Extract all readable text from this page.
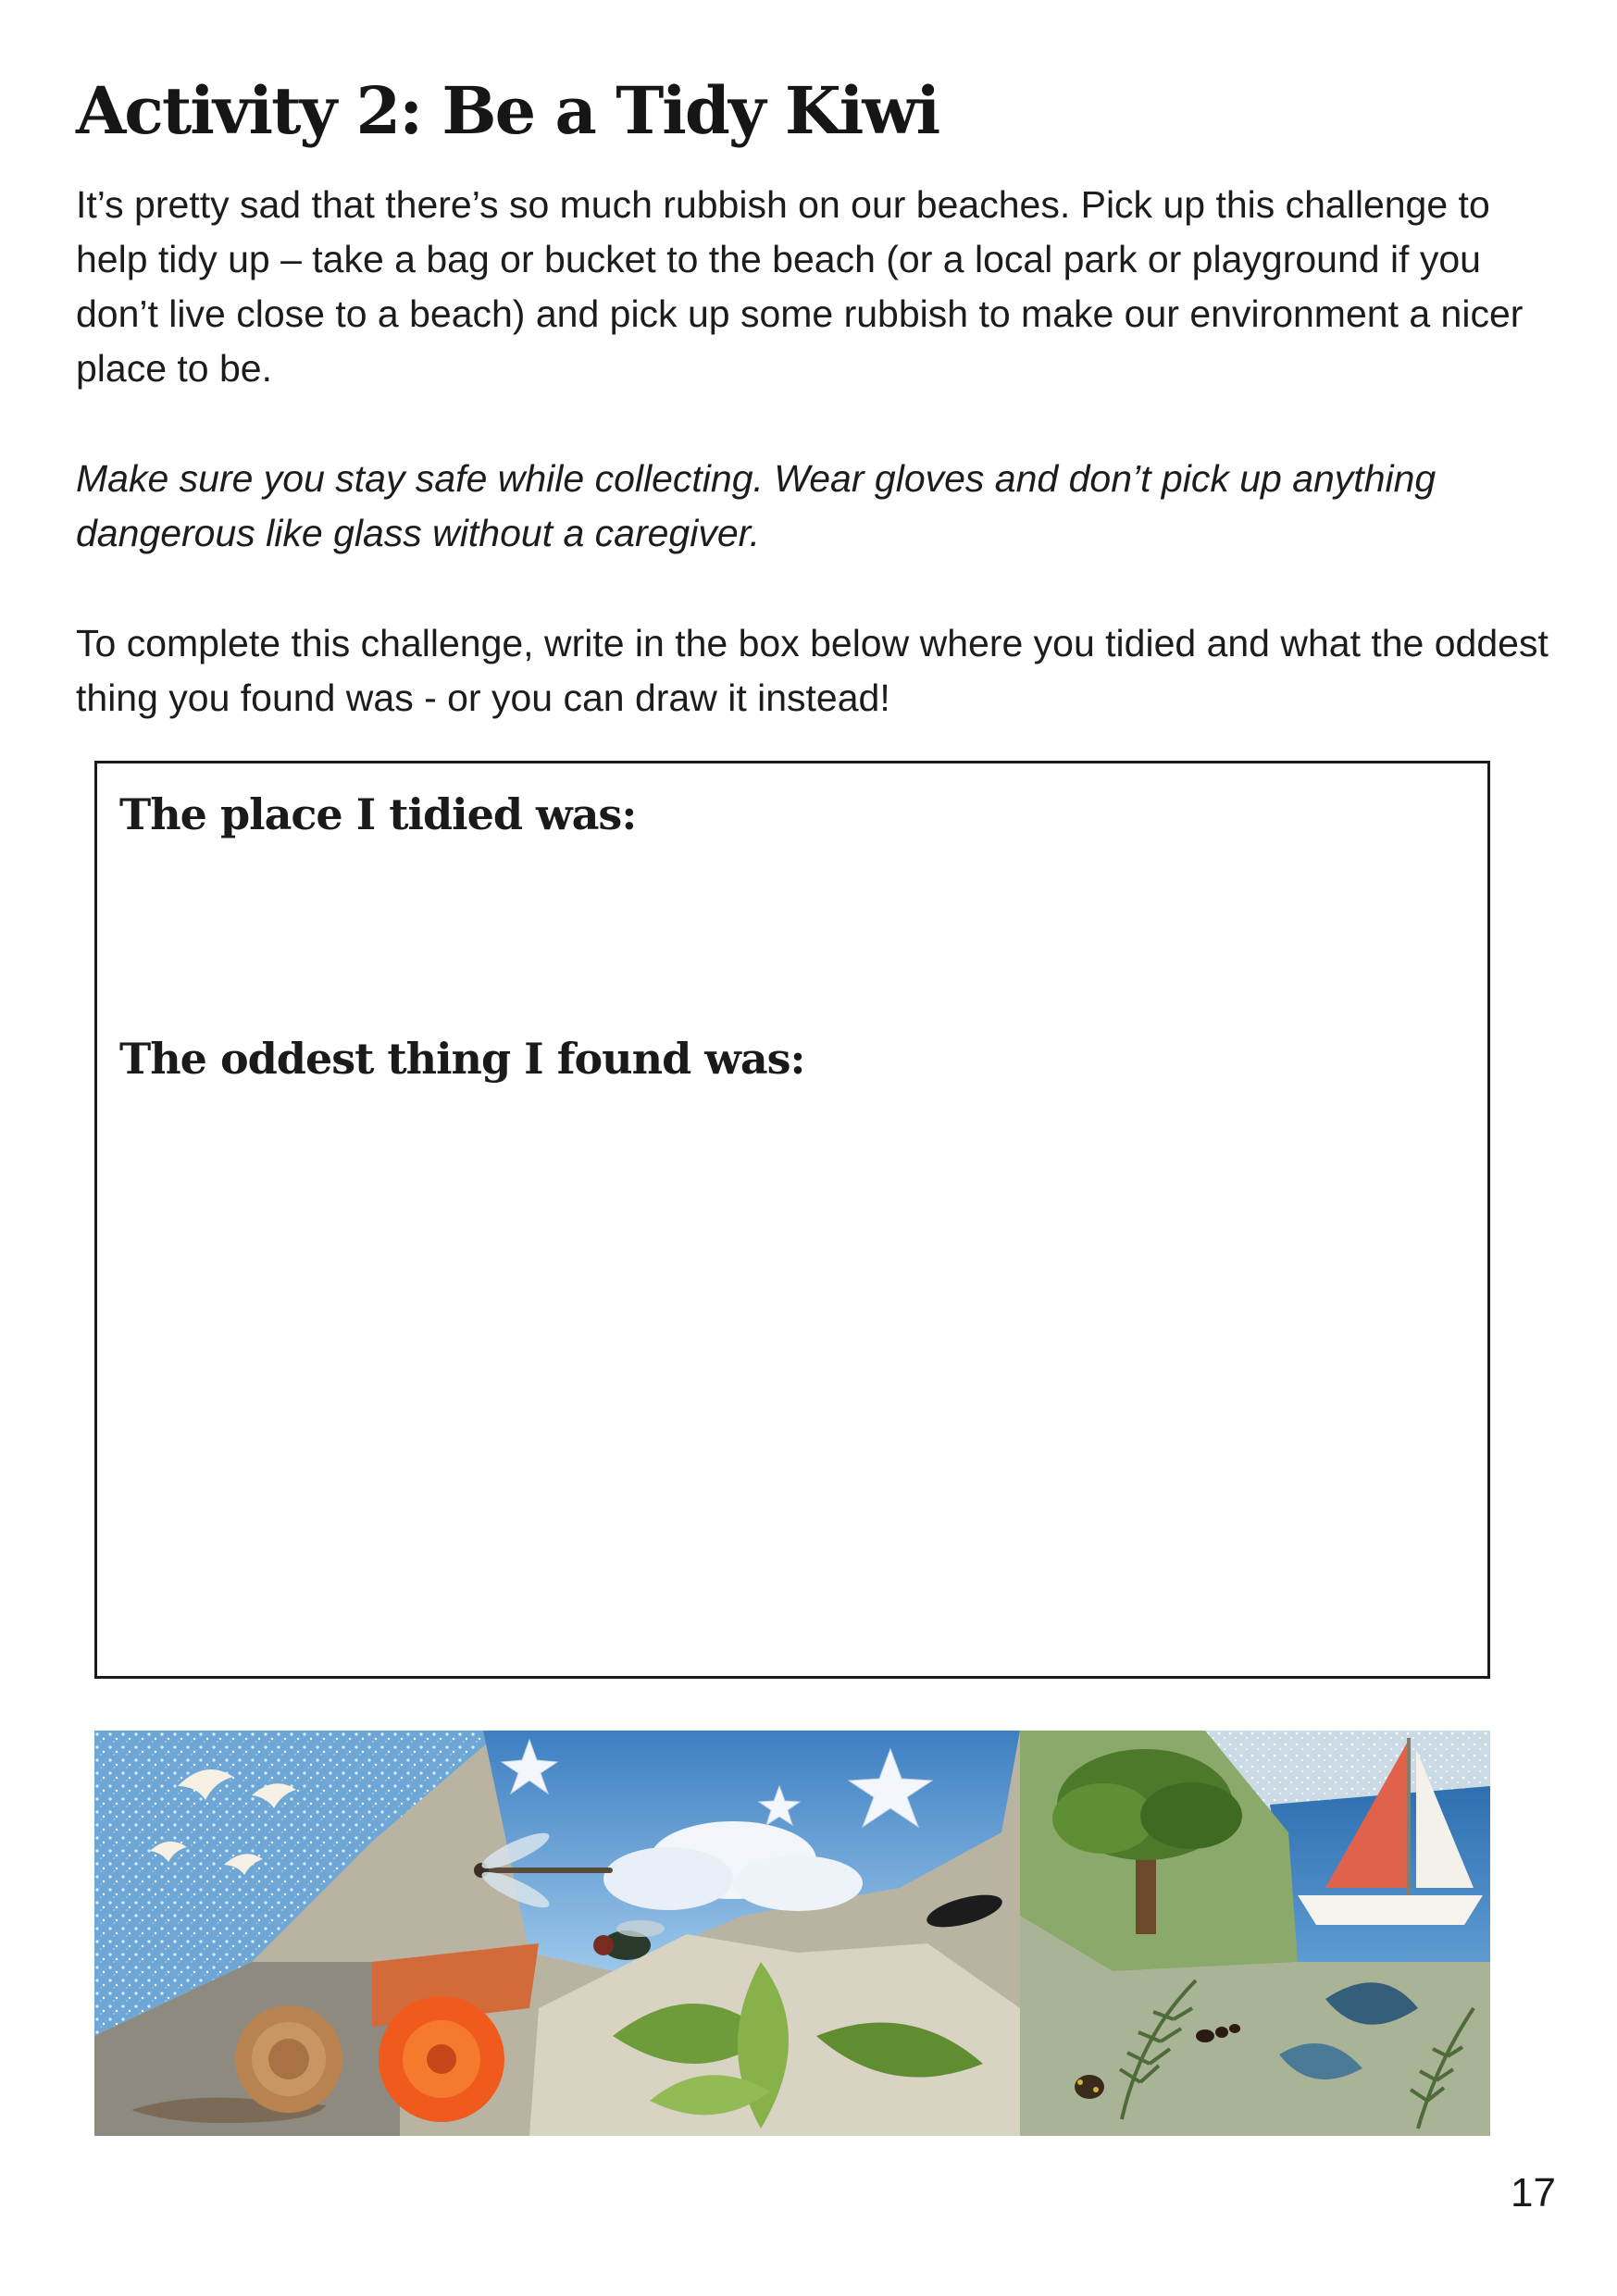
Activity 2: Be a Tidy Kiwi

It’s pretty sad that there’s so much rubbish on our beaches. Pick up this challenge to help tidy up – take a bag or bucket to the beach (or a local park or playground if you don’t live close to a beach) and pick up some rubbish to make our environment a nicer place to be.

Make sure you stay safe while collecting. Wear gloves and don’t pick up anything dangerous like glass without a caregiver.

To complete this challenge, write in the box below where you tidied and what the oddest thing you found was - or you can draw it instead!

The place I tidied was:
The oddest thing I found was:
17
